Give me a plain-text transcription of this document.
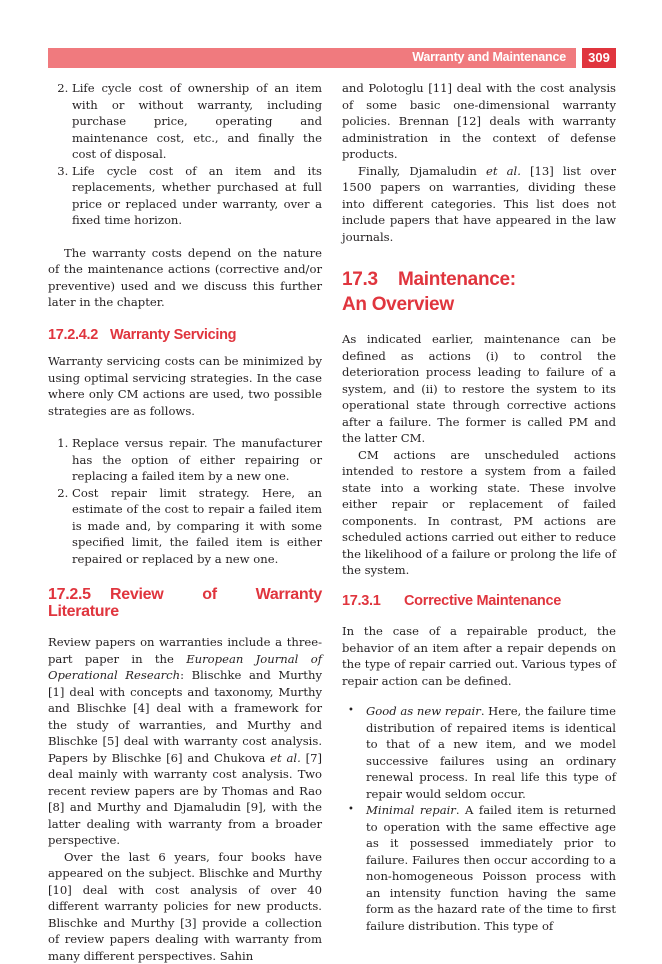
Warranty and Maintenance	309
2. Life cycle cost of ownership of an item with or without warranty, including purchase price, operating and maintenance cost, etc., and finally the cost of disposal.
3. Life cycle cost of an item and its replacements, whether purchased at full price or replaced under warranty, over a fixed time horizon.

The warranty costs depend on the nature of the maintenance actions (corrective and/or preventive) used and we discuss this further later in the chapter.

17.2.4.2 Warranty Servicing

Warranty servicing costs can be minimized by using optimal servicing strategies. In the case where only CM actions are used, two possible strategies are as follows.

1. Replace versus repair. The manufacturer has the option of either repairing or replacing a failed item by a new one.
2. Cost repair limit strategy. Here, an estimate of the cost to repair a failed item is made and, by comparing it with some specified limit, the failed item is either repaired or replaced by a new one.
17.2.5 Review of Warranty Literature

Review papers on warranties include a three-part paper in the European Journal of Operational Research: Blischke and Murthy [1] deal with concepts and taxonomy, Murthy and Blischke [4] deal with a framework for the study of warranties, and Murthy and Blischke [5] deal with warranty cost analysis. Papers by Blischke [6] and Chukova et al. [7] deal mainly with warranty cost analysis. Two recent review papers are by Thomas and Rao [8] and Murthy and Djamaludin [9], with the latter dealing with warranty from a broader perspective.

Over the last 6 years, four books have appeared on the subject. Blischke and Murthy [10] deal with cost analysis of over 40 different warranty policies for new products. Blischke and Murthy [3] provide a collection of review papers dealing with warranty from many different perspectives. Sahin

and Polotoglu [11] deal with the cost analysis of some basic one-dimensional warranty policies. Brennan [12] deals with warranty administration in the context of defense products.

Finally, Djamaludin et al. [13] list over 1500 papers on warranties, dividing these into different categories. This list does not include papers that have appeared in the law journals.

17.3 Maintenance:
An Overview

As indicated earlier, maintenance can be defined as actions (i) to control the deterioration process leading to failure of a system, and (ii) to restore the system to its operational state through corrective actions after a failure. The former is called PM and the latter CM.

CM actions are unscheduled actions intended to restore a system from a failed state into a working state. These involve either repair or replacement of failed components. In contrast, PM actions are scheduled actions carried out either to reduce the likelihood of a failure or prolong the life of the system.

17.3.1 Corrective Maintenance

In the case of a repairable product, the behavior of an item after a repair depends on the type of repair carried out. Various types of repair action can be defined.

• Good as new repair. Here, the failure time distribution of repaired items is identical to that of a new item, and we model successive failures using an ordinary renewal process. In real life this type of repair would seldom occur.
• Minimal repair. A failed item is returned to operation with the same effective age as it possessed immediately prior to failure. Failures then occur according to a non-homogeneous Poisson process with an intensity function having the same form as the hazard rate of the time to first failure distribution. This type of
